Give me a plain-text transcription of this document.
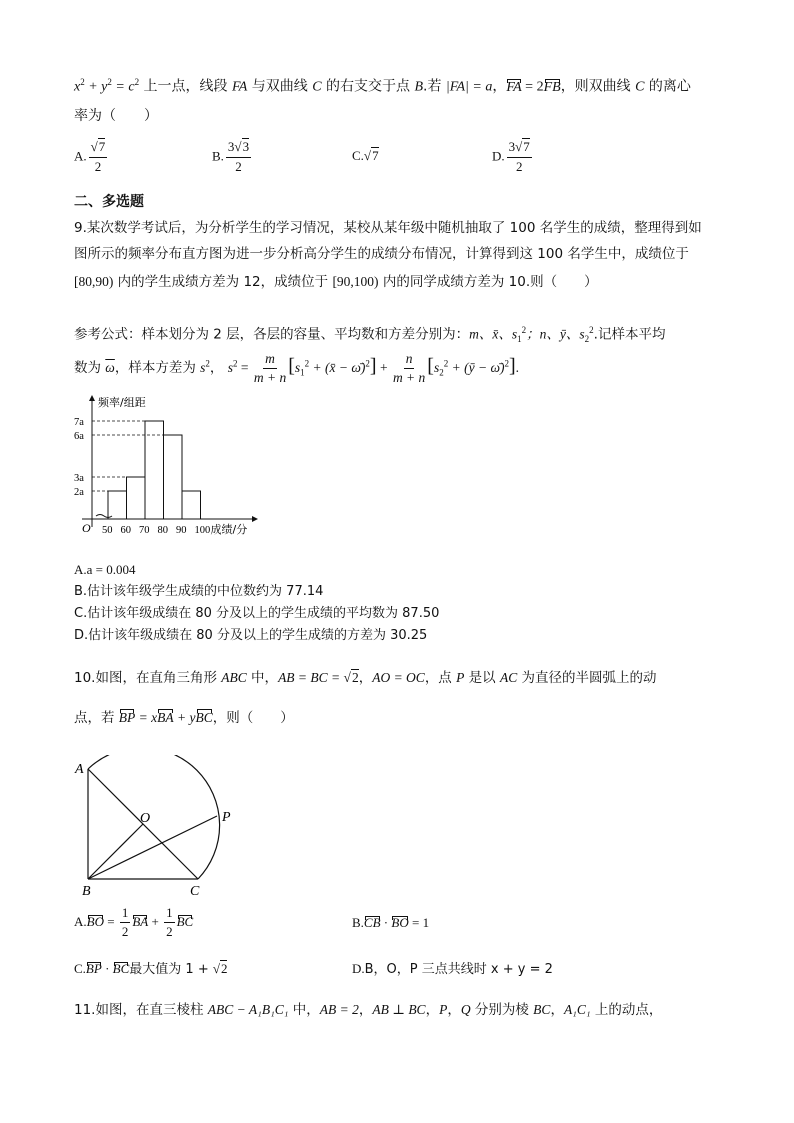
$x^2 + y^2 = c^2$ 上一点，线段 FA 与双曲线 C 的右支交于点 B.若 |FA| = a，FA = 2FB，则双曲线 C 的离心
率为（　　）
A. $\frac{√7}{2}$	B. $\frac{3√3}{2}$	C.√7	D. $\frac{3√7}{2}$
二、多选题
9.某次数学考试后，为分析学生的学习情况，某校从某年级中随机抽取了 100 名学生的成绩，整理得到如
图所示的频率分布直方图为进一步分析高分学生的成绩分布情况，计算得到这 100 名学生中，成绩位于
[80,90) 内的学生成绩方差为 12，成绩位于 [90,100) 内的同学成绩方差为 10.则（　　）
参考公式：样本划分为 2 层，各层的容量、平均数和方差分别为：m、x̄、$s_1^2$；n、ȳ、$s_2^2$.记样本平均
数为 $\overline{\omega}$，样本方差为 $s^2$， $s^2 = \frac{m}{m + n} [s_1^2$ + (x̄ − ω̄)$^2$] + $\frac{n}{m + n} [s_2^2$ + (ȳ − ω̄)$^2$].
频率/组距
成绩/分
O
2a
3a
6a
7a
50 60 70 80 90 100
A.a = 0.004
B.估计该年级学生成绩的中位数约为 77.14
C.估计该年级成绩在 80 分及以上的学生成绩的平均数为 87.50
D.估计该年级成绩在 80 分及以上的学生成绩的方差为 30.25
10.如图，在直角三角形 ABC 中，AB = BC = √2，AO = OC，点 P 是以 AC 为直径的半圆弧上的动
点，若 BP = xBA + yBC，则（　　）
A
O	P
B	C
$A.BO = \frac{1}{2}$ BA + $\frac{1}{2}$ BC	B.CB · BO = 1
C.BP · BC最大值为 1 + √2	D.B，O，P 三点共线时 x + y = 2
11.如图，在直三棱柱 ABC − A₁B₁C₁ 中，AB = 2，AB ⊥ BC，P，Q 分别为棱 BC，A₁C₁ 上的动点，
